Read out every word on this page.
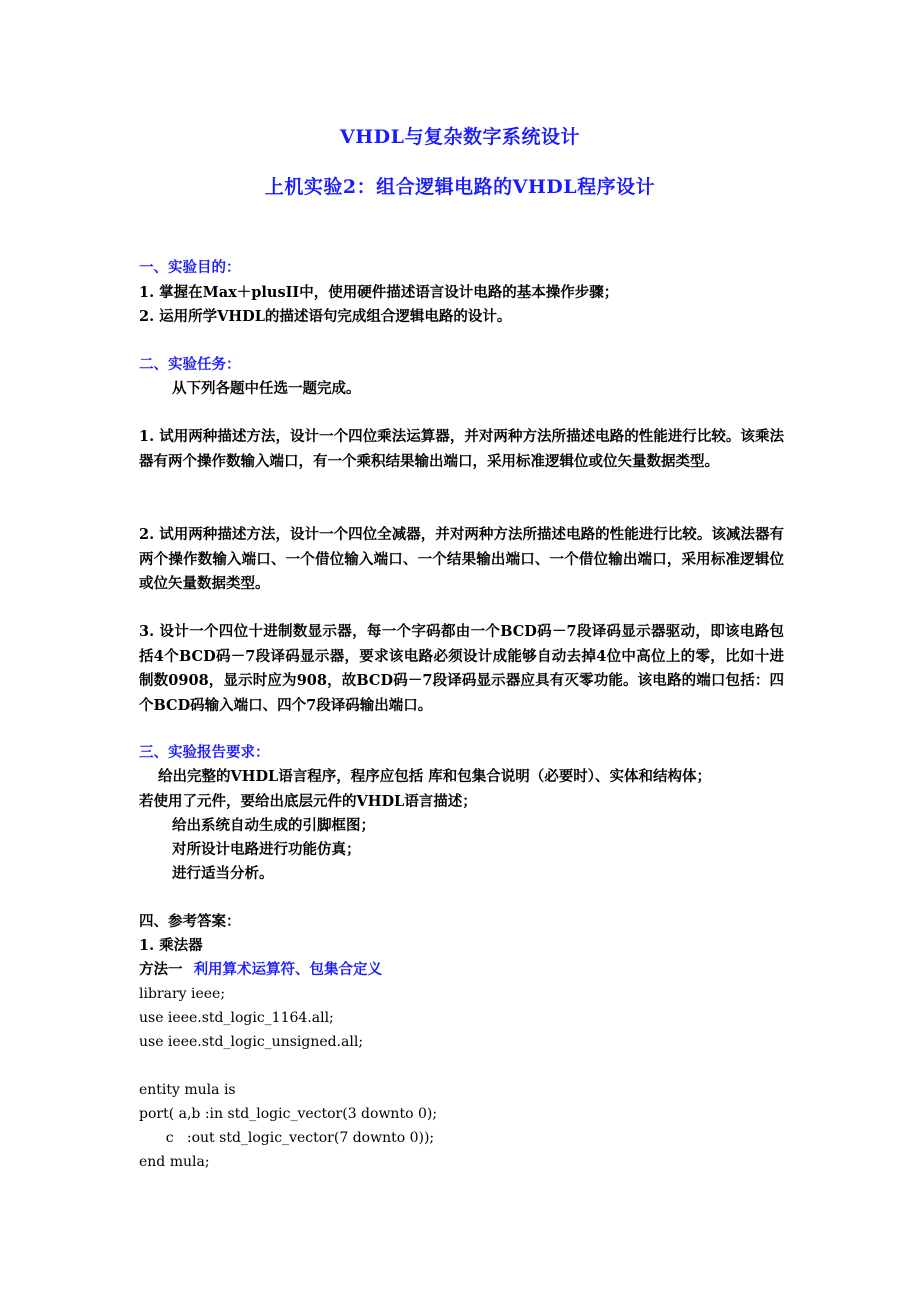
VHDL与复杂数字系统设计
上机实验2：组合逻辑电路的VHDL程序设计
一、实验目的：
1. 掌握在Max＋plusII中，使用硬件描述语言设计电路的基本操作步骤；
2. 运用所学VHDL的描述语句完成组合逻辑电路的设计。
二、实验任务：
从下列各题中任选一题完成。
1. 试用两种描述方法，设计一个四位乘法运算器，并对两种方法所描述电路的性能进行比较。该乘法器有两个操作数输入端口，有一个乘积结果输出端口，采用标准逻辑位或位矢量数据类型。
2. 试用两种描述方法，设计一个四位全减器，并对两种方法所描述电路的性能进行比较。该减法器有两个操作数输入端口、一个借位输入端口、一个结果输出端口、一个借位输出端口，采用标准逻辑位或位矢量数据类型。
3. 设计一个四位十进制数显示器，每一个字码都由一个BCD码－7段译码显示器驱动，即该电路包括4个BCD码－7段译码显示器，要求该电路必须设计成能够自动去掉4位中高位上的零，比如十进制数0908，显示时应为908，故BCD码－7段译码显示器应具有灭零功能。该电路的端口包括：四个BCD码输入端口、四个7段译码输出端口。
三、实验报告要求：
给出完整的VHDL语言程序，程序应包括 库和包集合说明（必要时）、实体和结构体；
若使用了元件，要给出底层元件的VHDL语言描述；
给出系统自动生成的引脚框图；
对所设计电路进行功能仿真；
进行适当分析。
四、参考答案：
1. 乘法器
方法一 利用算术运算符、包集合定义
library ieee;
use ieee.std_logic_1164.all;
use ieee.std_logic_unsigned.all;
entity mula is
port( a,b :in std_logic_vector(3 downto 0);
c   :out std_logic_vector(7 downto 0));
end mula;
